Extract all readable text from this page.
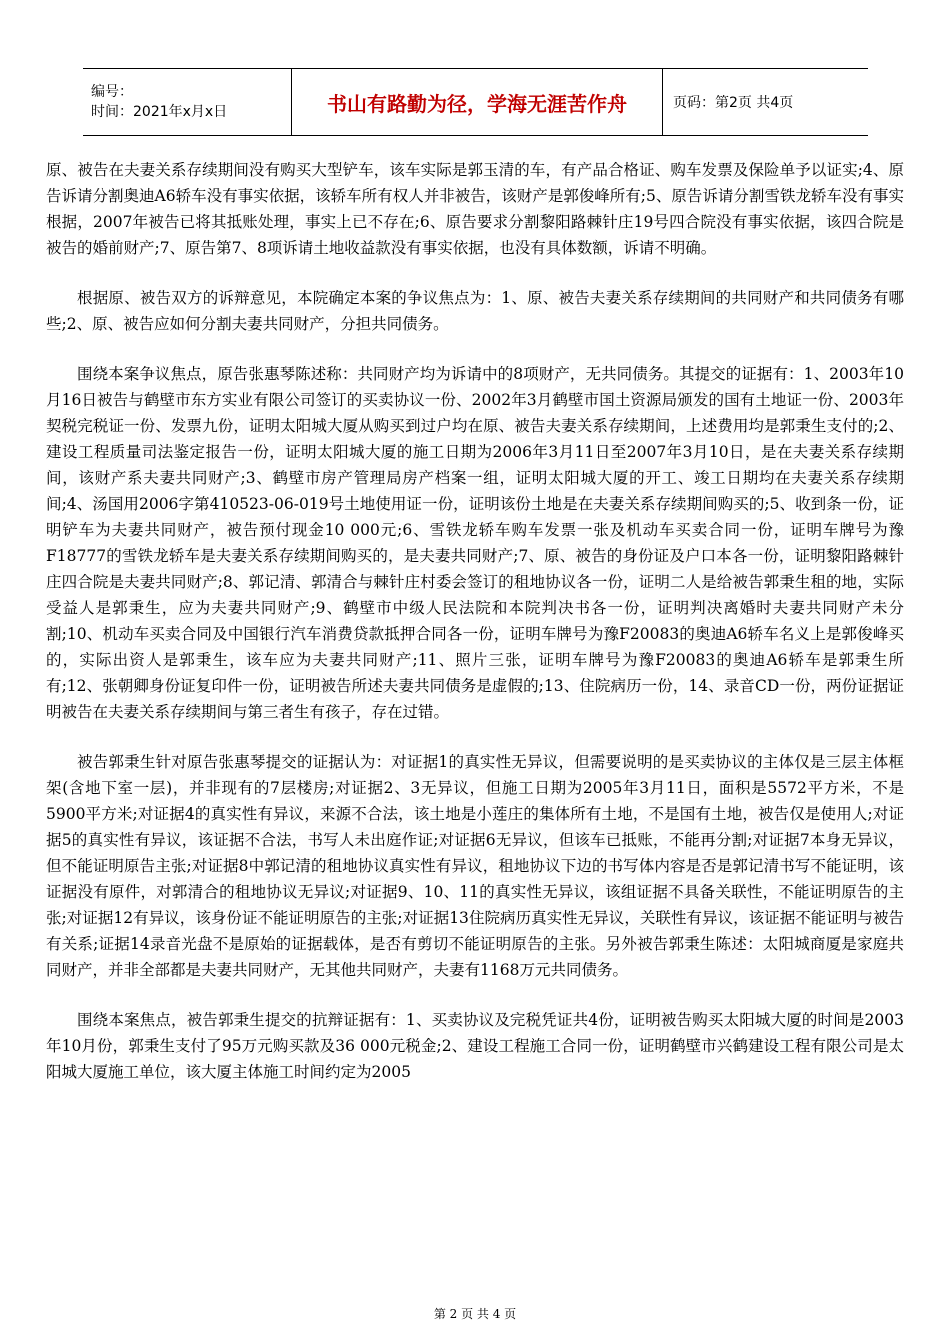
编号：
时间：2021年x月x日	书山有路勤为径，学海无涯苦作舟	页码：第2页 共4页

原、被告在夫妻关系存续期间没有购买大型铲车，该车实际是郭玉清的车，有产品合格证、购车发票及保险单予以证实;4、原告诉请分割奥迪A6轿车没有事实依据，该轿车所有权人并非被告，该财产是郭俊峰所有;5、原告诉请分割雪铁龙轿车没有事实根据，2007年被告已将其抵账处理，事实上已不存在;6、原告要求分割黎阳路棘针庄19号四合院没有事实依据，该四合院是被告的婚前财产;7、原告第7、8项诉请土地收益款没有事实依据，也没有具体数额，诉请不明确。

根据原、被告双方的诉辩意见，本院确定本案的争议焦点为：1、原、被告夫妻关系存续期间的共同财产和共同债务有哪些;2、原、被告应如何分割夫妻共同财产，分担共同债务。

围绕本案争议焦点，原告张惠琴陈述称：共同财产均为诉请中的8项财产，无共同债务。其提交的证据有：1、2003年10月16日被告与鹤壁市东方实业有限公司签订的买卖协议一份、2002年3月鹤壁市国土资源局颁发的国有土地证一份、2003年契税完税证一份、发票九份，证明太阳城大厦从购买到过户均在原、被告夫妻关系存续期间，上述费用均是郭秉生支付的;2、建设工程质量司法鉴定报告一份，证明太阳城大厦的施工日期为2006年3月11日至2007年3月10日，是在夫妻关系存续期间，该财产系夫妻共同财产;3、鹤壁市房产管理局房产档案一组，证明太阳城大厦的开工、竣工日期均在夫妻关系存续期间;4、汤国用2006字第410523-06-019号土地使用证一份，证明该份土地是在夫妻关系存续期间购买的;5、收到条一份，证明铲车为夫妻共同财产，被告预付现金10 000元;6、雪铁龙轿车购车发票一张及机动车买卖合同一份，证明车牌号为豫F18777的雪铁龙轿车是夫妻关系存续期间购买的，是夫妻共同财产;7、原、被告的身份证及户口本各一份，证明黎阳路棘针庄四合院是夫妻共同财产;8、郭记清、郭清合与棘针庄村委会签订的租地协议各一份，证明二人是给被告郭秉生租的地，实际受益人是郭秉生，应为夫妻共同财产;9、鹤壁市中级人民法院和本院判决书各一份，证明判决离婚时夫妻共同财产未分割;10、机动车买卖合同及中国银行汽车消费贷款抵押合同各一份，证明车牌号为豫F20083的奥迪A6轿车名义上是郭俊峰买的，实际出资人是郭秉生，该车应为夫妻共同财产;11、照片三张，证明车牌号为豫F20083的奥迪A6轿车是郭秉生所有;12、张朝卿身份证复印件一份，证明被告所述夫妻共同债务是虚假的;13、住院病历一份，14、录音CD一份，两份证据证明被告在夫妻关系存续期间与第三者生有孩子，存在过错。

被告郭秉生针对原告张惠琴提交的证据认为：对证据1的真实性无异议，但需要说明的是买卖协议的主体仅是三层主体框架(含地下室一层)，并非现有的7层楼房;对证据2、3无异议，但施工日期为2005年3月11日，面积是5572平方米，不是5900平方米;对证据4的真实性有异议，来源不合法，该土地是小莲庄的集体所有土地，不是国有土地，被告仅是使用人;对证据5的真实性有异议，该证据不合法，书写人未出庭作证;对证据6无异议，但该车已抵账，不能再分割;对证据7本身无异议，但不能证明原告主张;对证据8中郭记清的租地协议真实性有异议，租地协议下边的书写体内容是否是郭记清书写不能证明，该证据没有原件，对郭清合的租地协议无异议;对证据9、10、11的真实性无异议，该组证据不具备关联性，不能证明原告的主张;对证据12有异议，该身份证不能证明原告的主张;对证据13住院病历真实性无异议，关联性有异议，该证据不能证明与被告有关系;证据14录音光盘不是原始的证据载体，是否有剪切不能证明原告的主张。另外被告郭秉生陈述：太阳城商厦是家庭共同财产，并非全部都是夫妻共同财产，无其他共同财产，夫妻有1168万元共同债务。

围绕本案焦点，被告郭秉生提交的抗辩证据有：1、买卖协议及完税凭证共4份，证明被告购买太阳城大厦的时间是2003年10月份，郭秉生支付了95万元购买款及36 000元税金;2、建设工程施工合同一份，证明鹤壁市兴鹤建设工程有限公司是太阳城大厦施工单位，该大厦主体施工时间约定为2005

第 2 页 共 4 页
